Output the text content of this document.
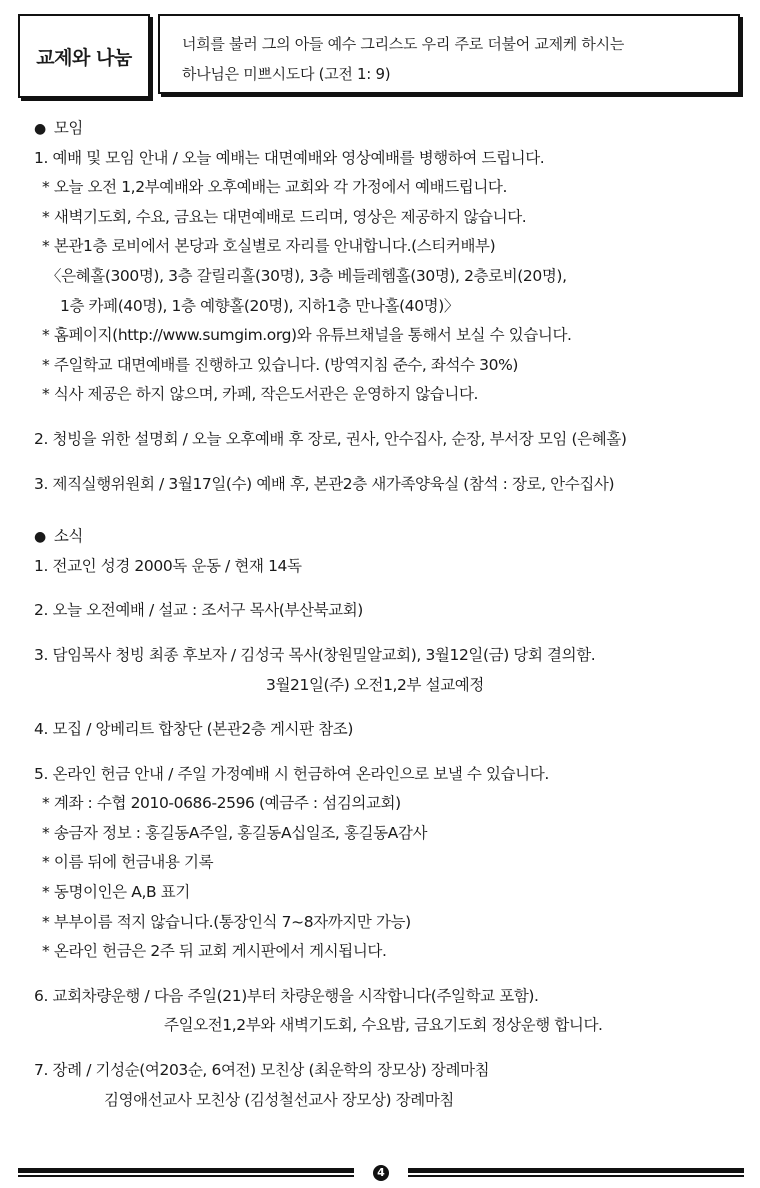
교제와 나눔
너희를 불러 그의 아들 예수 그리스도 우리 주로 더불어 교제케 하시는
하나님은 미쁘시도다 (고전 1: 9)
● 모임
1. 예배 및 모임 안내 / 오늘 예배는 대면예배와 영상예배를 병행하여 드립니다.
* 오늘 오전 1,2부예배와 오후예배는 교회와 각 가정에서 예배드립니다.
* 새벽기도회, 수요, 금요는 대면예배로 드리며, 영상은 제공하지 않습니다.
* 본관1층 로비에서 본당과 호실별로 자리를 안내합니다.(스티커배부)
〈은혜홀(300명), 3층 갈릴리홀(30명), 3층 베들레헴홀(30명), 2층로비(20명),
1층 카페(40명), 1층 예향홀(20명), 지하1층 만나홀(40명)〉
* 홈페이지(http://www.sumgim.org)와 유튜브채널을 통해서 보실 수 있습니다.
* 주일학교 대면예배를 진행하고 있습니다. (방역지침 준수, 좌석수 30%)
* 식사 제공은 하지 않으며, 카페, 작은도서관은 운영하지 않습니다.
2. 청빙을 위한 설명회 / 오늘 오후예배 후 장로, 권사, 안수집사, 순장, 부서장 모임 (은혜홀)
3. 제직실행위원회 / 3월17일(수) 예배 후, 본관2층 새가족양육실 (참석 : 장로, 안수집사)
● 소식
1. 전교인 성경 2000독 운동 / 현재 14독
2. 오늘 오전예배 / 설교 : 조서구 목사(부산북교회)
3. 담임목사 청빙 최종 후보자 / 김성국 목사(창원밀알교회), 3월12일(금) 당회 결의함.
3월21일(주) 오전1,2부 설교예정
4. 모집 / 앙베리트 합창단 (본관2층 게시판 참조)
5. 온라인 헌금 안내 / 주일 가정예배 시 헌금하여 온라인으로 보낼 수 있습니다.
* 계좌 : 수협 2010-0686-2596 (예금주 : 섬김의교회)
* 송금자 정보 : 홍길동A주일, 홍길동A십일조, 홍길동A감사
* 이름 뒤에 헌금내용 기록
* 동명이인은 A,B 표기
* 부부이름 적지 않습니다.(통장인식 7~8자까지만 가능)
* 온라인 헌금은 2주 뒤 교회 게시판에서 게시됩니다.
6. 교회차량운행 / 다음 주일(21)부터 차량운행을 시작합니다(주일학교 포함).
주일오전1,2부와 새벽기도회, 수요밤, 금요기도회 정상운행 합니다.
7. 장례 / 기성순(여203순, 6여전) 모친상 (최운학의 장모상) 장례마침
김영애선교사 모친상 (김성철선교사 장모상) 장례마침
4
